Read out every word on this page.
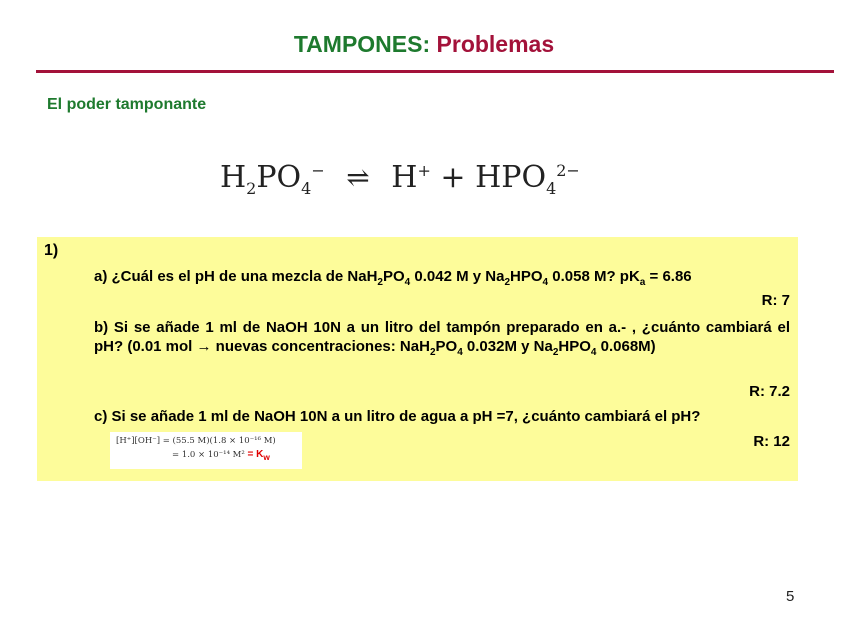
TAMPONES: Problemas
El poder tamponante
$H_2PO_4^-$ ⇌ $H^+ + HPO_4^{2-}$
1)
a) ¿Cuál es el pH de una mezcla de $NaH_2PO_4$ 0.042 M y $Na_2HPO_4$ 0.058 M? $pK_a = 6.86$
R: 7
b) Si se añade 1 ml de NaOH 10N a un litro del tampón preparado en a.- , ¿cuánto cambiará el pH? (0.01 mol → nuevas concentraciones: $NaH_2PO_4$ 0.032M y $Na_2HPO_4$ 0.068M)
R: 7.2
c) Si se añade 1 ml de NaOH 10N a un litro de agua a pH =7, ¿cuánto cambiará el pH?
R: 12
[H⁺][OH⁻] = (55.5 M)(1.8 × 10⁻¹⁶ M)
= 1.0 × 10⁻¹⁴ $M^2 = K_w$
5
